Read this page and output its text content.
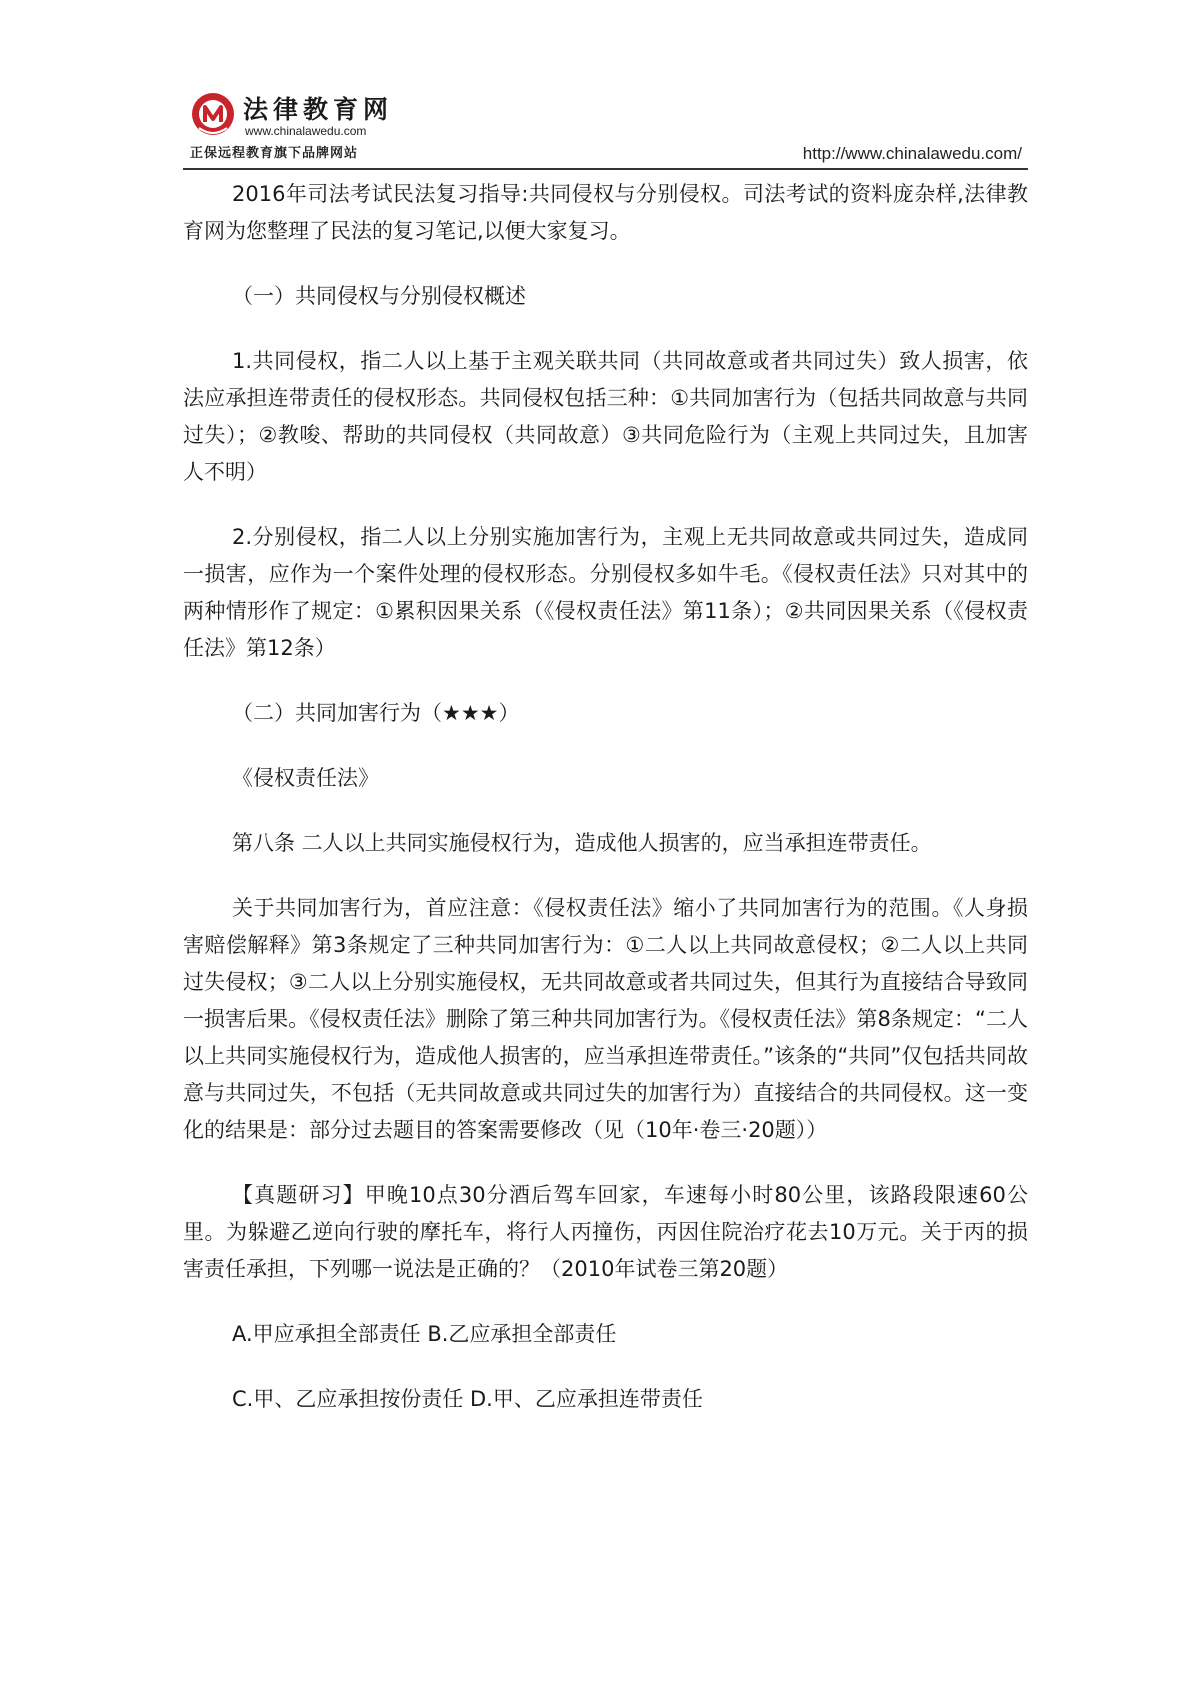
法律教育网
www.chinalawedu.com
正保远程教育旗下品牌网站	http://www.chinalawedu.com/

2016年司法考试民法复习指导:共同侵权与分别侵权。司法考试的资料庞杂样,法律教育网为您整理了民法的复习笔记,以便大家复习。

（一）共同侵权与分别侵权概述

1.共同侵权，指二人以上基于主观关联共同（共同故意或者共同过失）致人损害，依法应承担连带责任的侵权形态。共同侵权包括三种：①共同加害行为（包括共同故意与共同过失）；②教唆、帮助的共同侵权（共同故意）③共同危险行为（主观上共同过失，且加害人不明）

2.分别侵权，指二人以上分别实施加害行为，主观上无共同故意或共同过失，造成同一损害，应作为一个案件处理的侵权形态。分别侵权多如牛毛。《侵权责任法》只对其中的两种情形作了规定：①累积因果关系（《侵权责任法》第11条）；②共同因果关系（《侵权责任法》第12条）

（二）共同加害行为（★★★）

《侵权责任法》

第八条 二人以上共同实施侵权行为，造成他人损害的，应当承担连带责任。

关于共同加害行为，首应注意：《侵权责任法》缩小了共同加害行为的范围。《人身损害赔偿解释》第3条规定了三种共同加害行为：①二人以上共同故意侵权；②二人以上共同过失侵权；③二人以上分别实施侵权，无共同故意或者共同过失，但其行为直接结合导致同一损害后果。《侵权责任法》删除了第三种共同加害行为。《侵权责任法》第8条规定：“二人以上共同实施侵权行为，造成他人损害的，应当承担连带责任。”该条的“共同”仅包括共同故意与共同过失，不包括（无共同故意或共同过失的加害行为）直接结合的共同侵权。这一变化的结果是：部分过去题目的答案需要修改（见（10年·卷三·20题））

【真题研习】甲晚10点30分酒后驾车回家，车速每小时80公里，该路段限速60公里。为躲避乙逆向行驶的摩托车，将行人丙撞伤，丙因住院治疗花去10万元。关于丙的损害责任承担，下列哪一说法是正确的？（2010年试卷三第20题）

A.甲应承担全部责任 B.乙应承担全部责任

C.甲、乙应承担按份责任 D.甲、乙应承担连带责任
